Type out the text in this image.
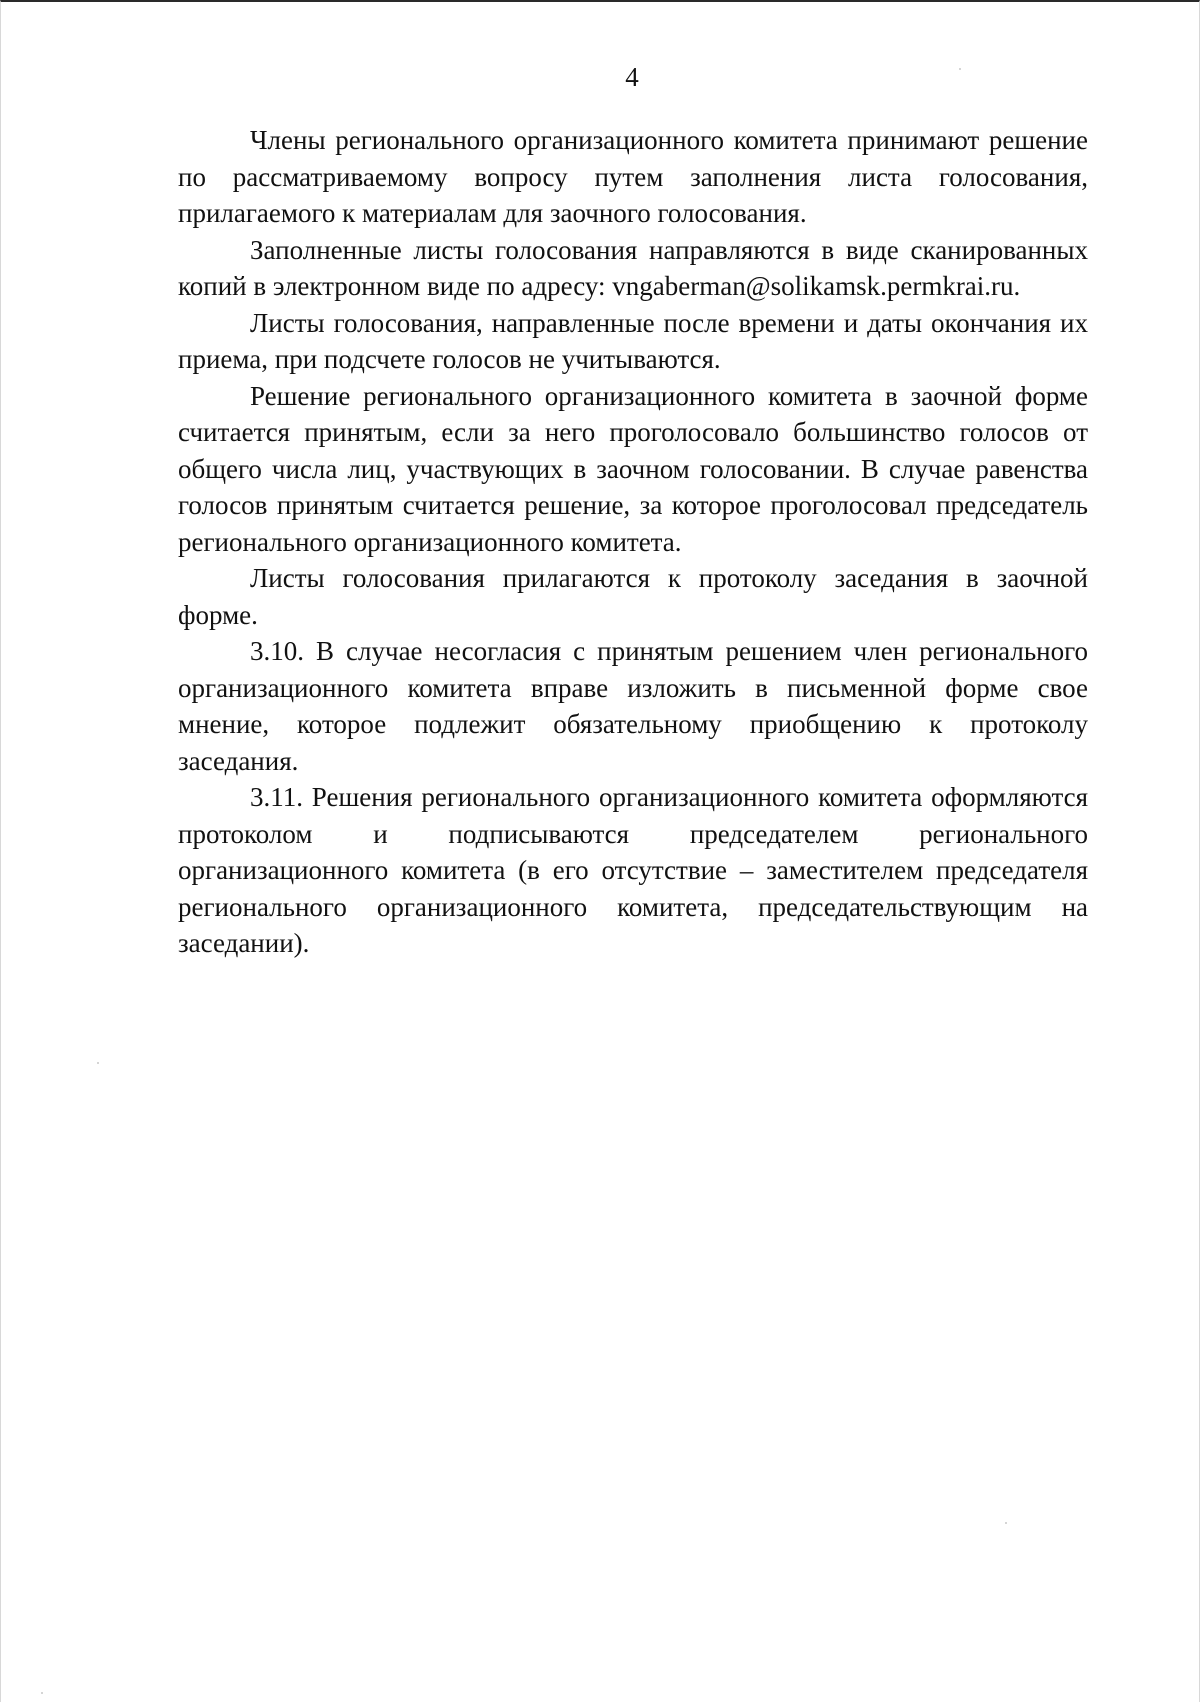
4

Члены регионального организационного комитета принимают решение по рассматриваемому вопросу путем заполнения листа голосования, прилагаемого к материалам для заочного голосования.

Заполненные листы голосования направляются в виде сканированных копий в электронном виде по адресу: vngaberman@solikamsk.permkrai.ru.

Листы голосования, направленные после времени и даты окончания их приема, при подсчете голосов не учитываются.

Решение регионального организационного комитета в заочной форме считается принятым, если за него проголосовало большинство голосов от общего числа лиц, участвующих в заочном голосовании. В случае равенства голосов принятым считается решение, за которое проголосовал председатель регионального организационного комитета.

Листы голосования прилагаются к протоколу заседания в заочной форме.

3.10. В случае несогласия с принятым решением член регионального организационного комитета вправе изложить в письменной форме свое мнение, которое подлежит обязательному приобщению к протоколу заседания.

3.11. Решения регионального организационного комитета оформляются протоколом и подписываются председателем регионального организационного комитета (в его отсутствие – заместителем председателя регионального организационного комитета, председательствующим на заседании).
